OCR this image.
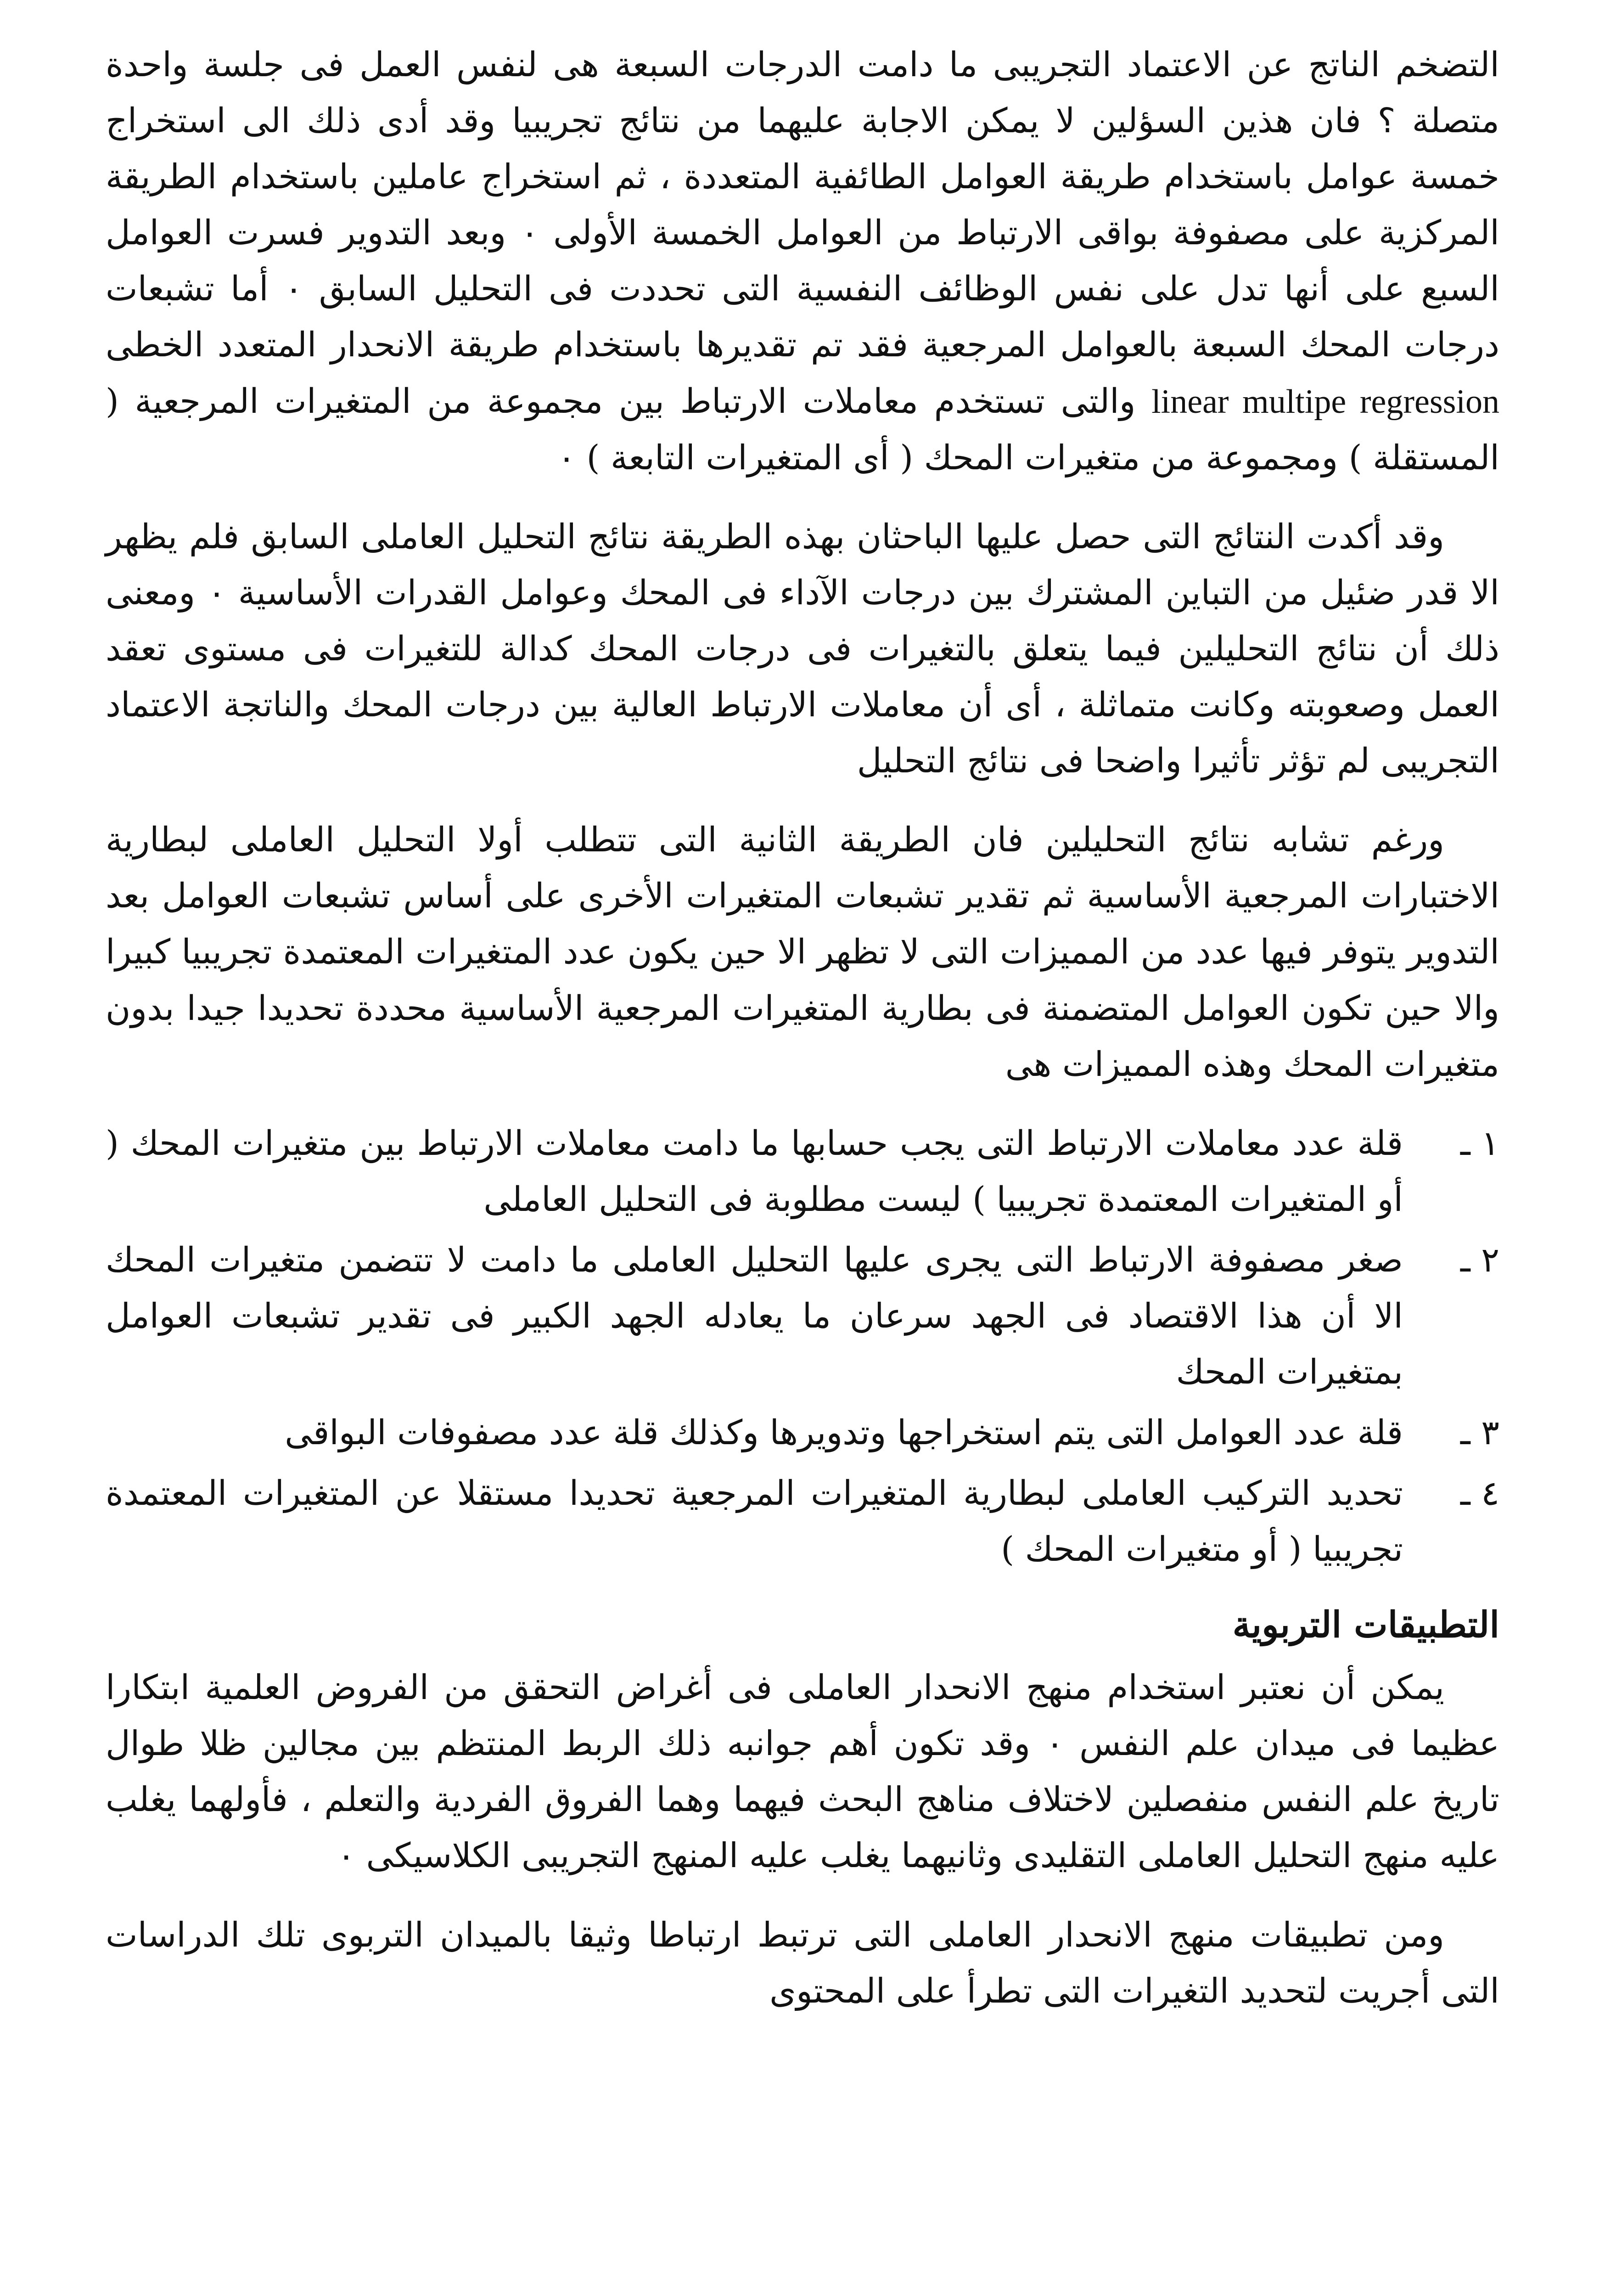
التضخم الناتج عن الاعتماد التجريبى ما دامت الدرجات السبعة هى لنفس العمل فى جلسة واحدة متصلة ؟ فان هذين السؤلين لا يمكن الاجابة عليهما من نتائج تجريبيا وقد أدى ذلك الى استخراج خمسة عوامل باستخدام طريقة العوامل الطائفية المتعددة ، ثم استخراج عاملين باستخدام الطريقة المركزية على مصفوفة بواقى الارتباط من العوامل الخمسة الأولى ٠ وبعد التدوير فسرت العوامل السبع على أنها تدل على نفس الوظائف النفسية التى تحددت فى التحليل السابق ٠ أما تشبعات درجات المحك السبعة بالعوامل المرجعية فقد تم تقديرها باستخدام طريقة الانحدار المتعدد الخطى linear multipe regression والتى تستخدم معاملات الارتباط بين مجموعة من المتغيرات المرجعية ( المستقلة ) ومجموعة من متغيرات المحك ( أى المتغيرات التابعة ) ٠

وقد أكدت النتائج التى حصل عليها الباحثان بهذه الطريقة نتائج التحليل العاملى السابق فلم يظهر الا قدر ضئيل من التباين المشترك بين درجات الآداء فى المحك وعوامل القدرات الأساسية ٠ ومعنى ذلك أن نتائج التحليلين فيما يتعلق بالتغيرات فى درجات المحك كدالة للتغيرات فى مستوى تعقد العمل وصعوبته وكانت متماثلة ، أى أن معاملات الارتباط العالية بين درجات المحك والناتجة الاعتماد التجريبى لم تؤثر تأثيرا واضحا فى نتائج التحليل

ورغم تشابه نتائج التحليلين فان الطريقة الثانية التى تتطلب أولا التحليل العاملى لبطارية الاختبارات المرجعية الأساسية ثم تقدير تشبعات المتغيرات الأخرى على أساس تشبعات العوامل بعد التدوير يتوفر فيها عدد من المميزات التى لا تظهر الا حين يكون عدد المتغيرات المعتمدة تجريبيا كبيرا والا حين تكون العوامل المتضمنة فى بطارية المتغيرات المرجعية الأساسية محددة تحديدا جيدا بدون متغيرات المحك وهذه المميزات هى

١ ـ
قلة عدد معاملات الارتباط التى يجب حسابها ما دامت معاملات الارتباط بين متغيرات المحك ( أو المتغيرات المعتمدة تجريبيا ) ليست مطلوبة فى التحليل العاملى
٢ ـ
صغر مصفوفة الارتباط التى يجرى عليها التحليل العاملى ما دامت لا تتضمن متغيرات المحك الا أن هذا الاقتصاد فى الجهد سرعان ما يعادله الجهد الكبير فى تقدير تشبعات العوامل بمتغيرات المحك
٣ ـ
قلة عدد العوامل التى يتم استخراجها وتدويرها وكذلك قلة عدد مصفوفات البواقى
٤ ـ
تحديد التركيب العاملى لبطارية المتغيرات المرجعية تحديدا مستقلا عن المتغيرات المعتمدة تجريبيا ( أو متغيرات المحك )
التطبيقات التربوية

يمكن أن نعتبر استخدام منهج الانحدار العاملى فى أغراض التحقق من الفروض العلمية ابتكارا عظيما فى ميدان علم النفس ٠ وقد تكون أهم جوانبه ذلك الربط المنتظم بين مجالين ظلا طوال تاريخ علم النفس منفصلين لاختلاف مناهج البحث فيهما وهما الفروق الفردية والتعلم ، فأولهما يغلب عليه منهج التحليل العاملى التقليدى وثانيهما يغلب عليه المنهج التجريبى الكلاسيكى ٠

ومن تطبيقات منهج الانحدار العاملى التى ترتبط ارتباطا وثيقا بالميدان التربوى تلك الدراسات التى أجريت لتحديد التغيرات التى تطرأ على المحتوى
